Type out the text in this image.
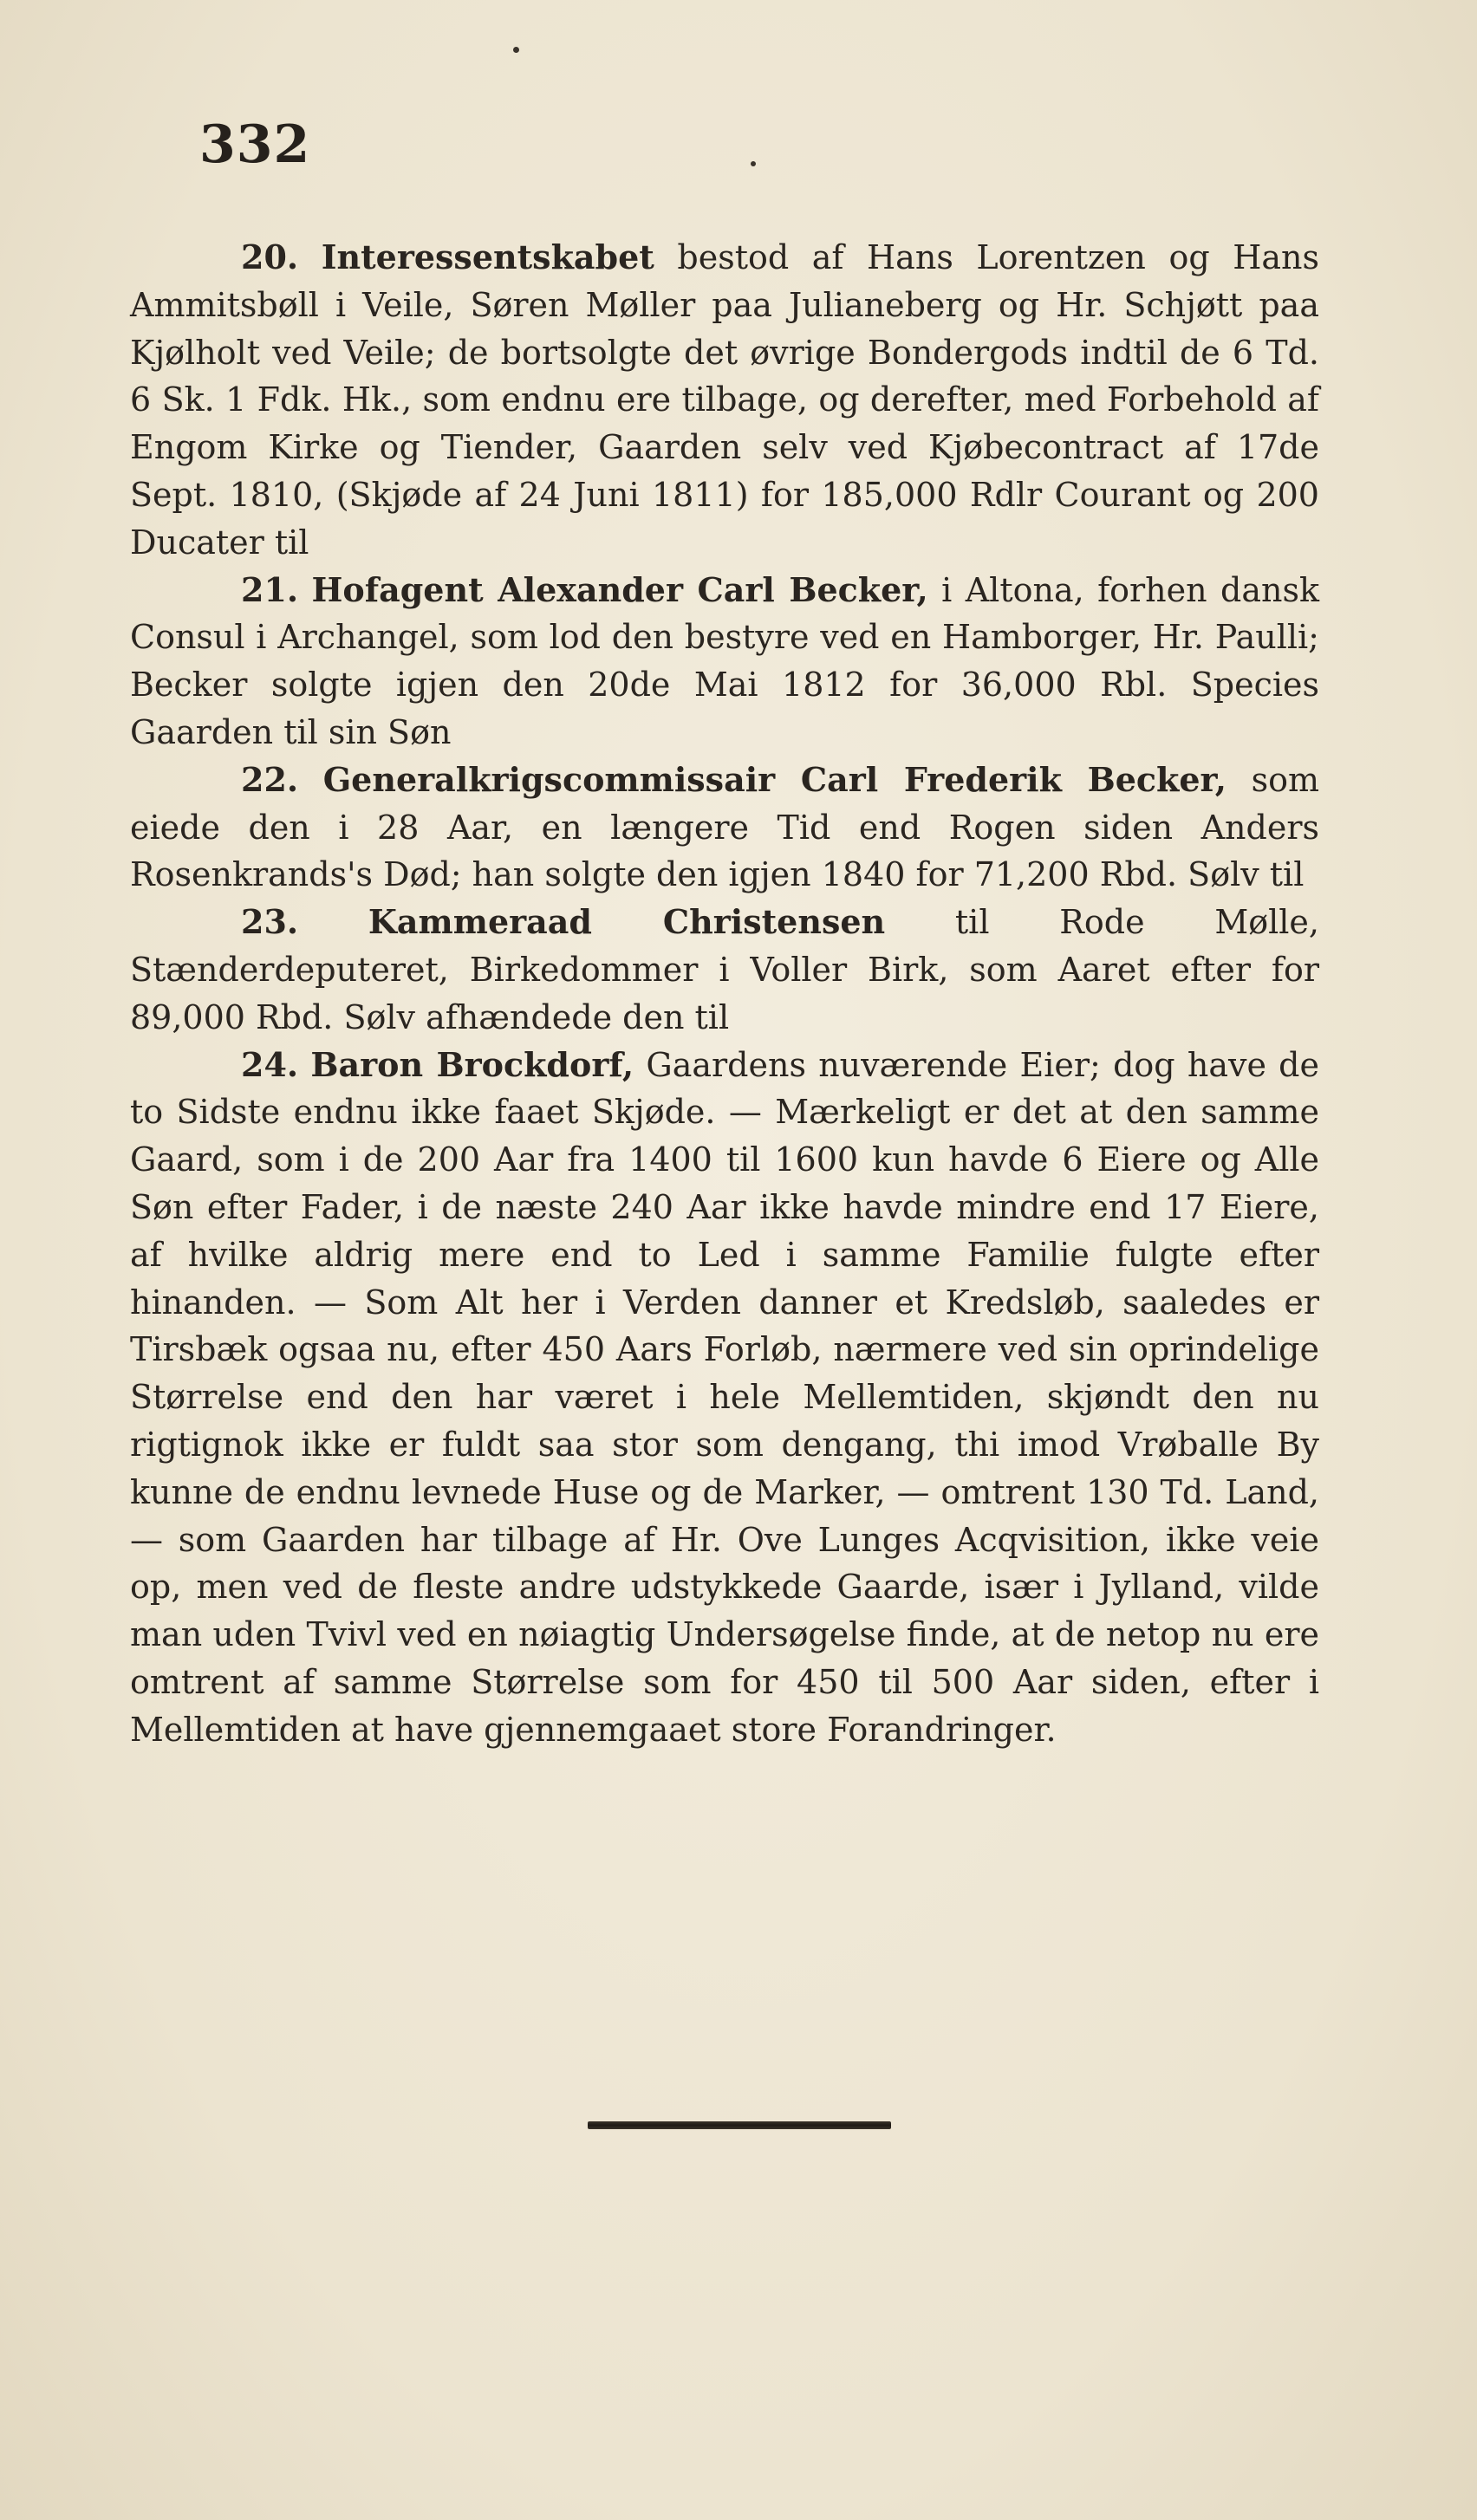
332

20. Interessentskabet bestod af Hans Lorentzen og Hans Ammitsbøll i Veile, Søren Møller paa Julianeberg og Hr. Schjøtt paa Kjølholt ved Veile; de bortsolgte det øvrige Bondergods indtil de 6 Td. 6 Sk. 1 Fdk. Hk., som endnu ere tilbage, og derefter, med Forbehold af Engom Kirke og Tiender, Gaarden selv ved Kjøbecontract af 17de Sept. 1810, (Skjøde af 24 Juni 1811) for 185,000 Rdlr Courant og 200 Ducater til

21. Hofagent Alexander Carl Becker, i Altona, forhen dansk Consul i Archangel, som lod den bestyre ved en Hamborger, Hr. Paulli; Becker solgte igjen den 20de Mai 1812 for 36,000 Rbl. Species Gaarden til sin Søn

22. Generalkrigscommissair Carl Frederik Becker, som eiede den i 28 Aar, en længere Tid end Rogen siden Anders Rosenkrands's Død; han solgte den igjen 1840 for 71,200 Rbd. Sølv til

23. Kammeraad Christensen til Rode Mølle, Stænderdeputeret, Birkedommer i Voller Birk, som Aaret efter for 89,000 Rbd. Sølv afhændede den til

24. Baron Brockdorf, Gaardens nuværende Eier; dog have de to Sidste endnu ikke faaet Skjøde. — Mærkeligt er det at den samme Gaard, som i de 200 Aar fra 1400 til 1600 kun havde 6 Eiere og Alle Søn efter Fader, i de næste 240 Aar ikke havde mindre end 17 Eiere, af hvilke aldrig mere end to Led i samme Familie fulgte efter hinanden. — Som Alt her i Verden danner et Kredsløb, saaledes er Tirsbæk ogsaa nu, efter 450 Aars Forløb, nærmere ved sin oprindelige Størrelse end den har været i hele Mellemtiden, skjøndt den nu rigtignok ikke er fuldt saa stor som dengang, thi imod Vrøballe By kunne de endnu levnede Huse og de Marker, — omtrent 130 Td. Land, — som Gaarden har tilbage af Hr. Ove Lunges Acqvisition, ikke veie op, men ved de fleste andre udstykkede Gaarde, især i Jylland, vilde man uden Tvivl ved en nøiagtig Undersøgelse finde, at de netop nu ere omtrent af samme Størrelse som for 450 til 500 Aar siden, efter i Mellemtiden at have gjennemgaaet store Forandringer.
